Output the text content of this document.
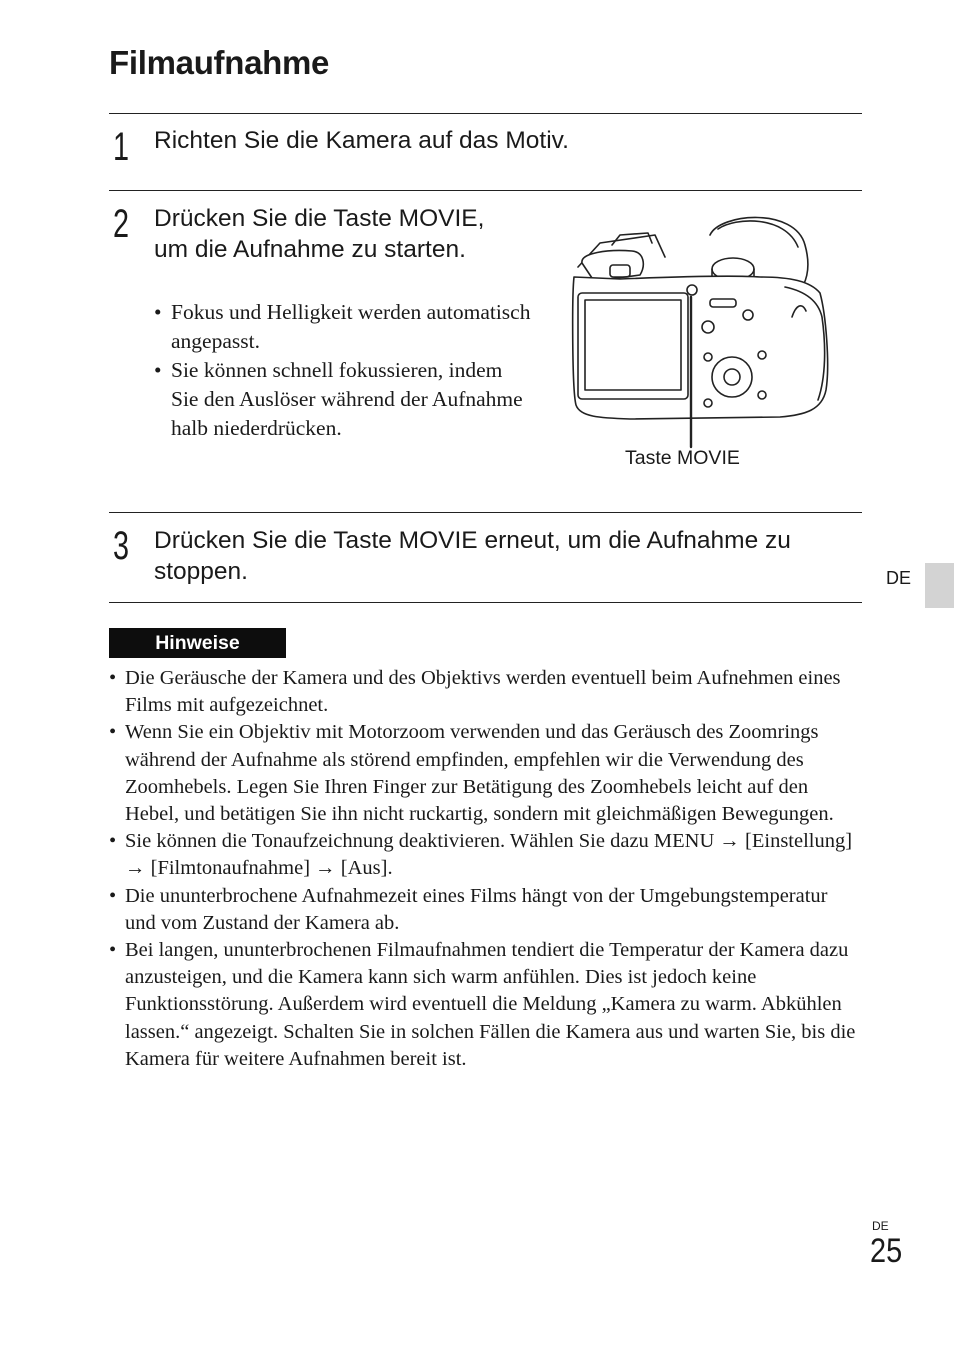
Filmaufnahme
1 Richten Sie die Kamera auf das Motiv.
2 Drücken Sie die Taste MOVIE, um die Aufnahme zu starten.
• Fokus und Helligkeit werden automatisch angepasst.
• Sie können schnell fokussieren, indem Sie den Auslöser während der Aufnahme halb niederdrücken.
Taste MOVIE
3 Drücken Sie die Taste MOVIE erneut, um die Aufnahme zu stoppen.	DE
Hinweise
• Die Geräusche der Kamera und des Objektivs werden eventuell beim Aufnehmen eines Films mit aufgezeichnet.
• Wenn Sie ein Objektiv mit Motorzoom verwenden und das Geräusch des Zoomrings während der Aufnahme als störend empfinden, empfehlen wir die Verwendung des Zoomhebels. Legen Sie Ihren Finger zur Betätigung des Zoomhebels leicht auf den Hebel, und betätigen Sie ihn nicht ruckartig, sondern mit gleichmäßigen Bewegungen.
• Sie können die Tonaufzeichnung deaktivieren. Wählen Sie dazu MENU → [Einstellung] → [Filmtonaufnahme] → [Aus].
• Die ununterbrochene Aufnahmezeit eines Films hängt von der Umgebungstemperatur und vom Zustand der Kamera ab.
• Bei langen, ununterbrochenen Filmaufnahmen tendiert die Temperatur der Kamera dazu anzusteigen, und die Kamera kann sich warm anfühlen. Dies ist jedoch keine Funktionsstörung. Außerdem wird eventuell die Meldung „Kamera zu warm. Abkühlen lassen.“ angezeigt. Schalten Sie in solchen Fällen die Kamera aus und warten Sie, bis die Kamera für weitere Aufnahmen bereit ist.
DE
25
